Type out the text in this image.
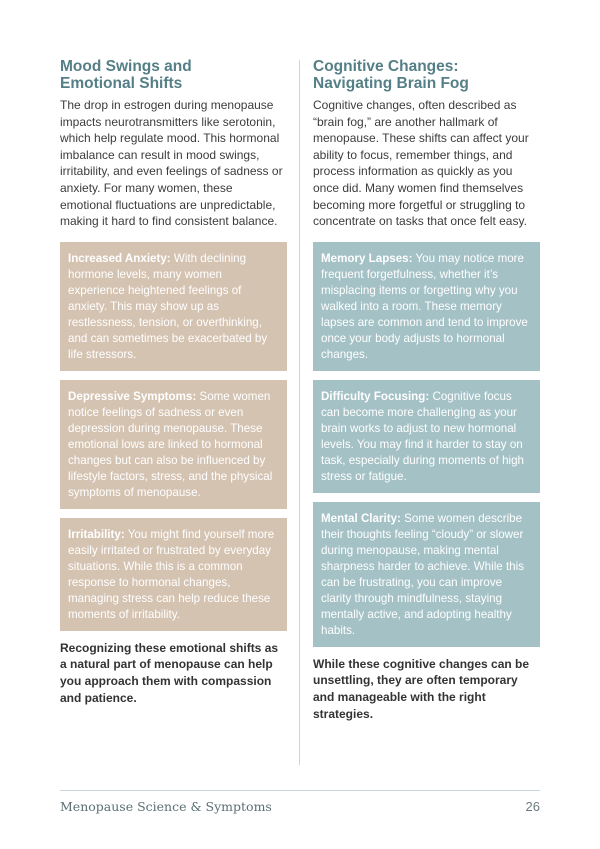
Mood Swings and
Emotional Shifts

The drop in estrogen during menopause impacts neurotransmitters like serotonin, which help regulate mood. This hormonal imbalance can result in mood swings, irritability, and even feelings of sadness or anxiety. For many women, these emotional fluctuations are unpredictable, making it hard to find consistent balance.

Increased Anxiety: With declining hormone levels, many women experience heightened feelings of anxiety. This may show up as restlessness, tension, or overthinking, and can sometimes be exacerbated by life stressors.
Depressive Symptoms: Some women notice feelings of sadness or even depression during menopause. These emotional lows are linked to hormonal changes but can also be influenced by lifestyle factors, stress, and the physical symptoms of menopause.
Irritability: You might find yourself more easily irritated or frustrated by everyday situations. While this is a common response to hormonal changes, managing stress can help reduce these moments of irritability.

Recognizing these emotional shifts as a natural part of menopause can help you approach them with compassion and patience.

Cognitive Changes:
Navigating Brain Fog

Cognitive changes, often described as “brain fog,” are another hallmark of menopause. These shifts can affect your ability to focus, remember things, and process information as quickly as you once did. Many women find themselves becoming more forgetful or struggling to concentrate on tasks that once felt easy.

Memory Lapses: You may notice more frequent forgetfulness, whether it’s misplacing items or forgetting why you walked into a room. These memory lapses are common and tend to improve once your body adjusts to hormonal changes.
Difficulty Focusing: Cognitive focus can become more challenging as your brain works to adjust to new hormonal levels. You may find it harder to stay on task, especially during moments of high stress or fatigue.
Mental Clarity: Some women describe their thoughts feeling “cloudy” or slower during menopause, making mental sharpness harder to achieve. While this can be frustrating, you can improve clarity through mindfulness, staying mentally active, and adopting healthy habits.

While these cognitive changes can be unsettling, they are often temporary and manageable with the right strategies.

Menopause Science & Symptoms	26
